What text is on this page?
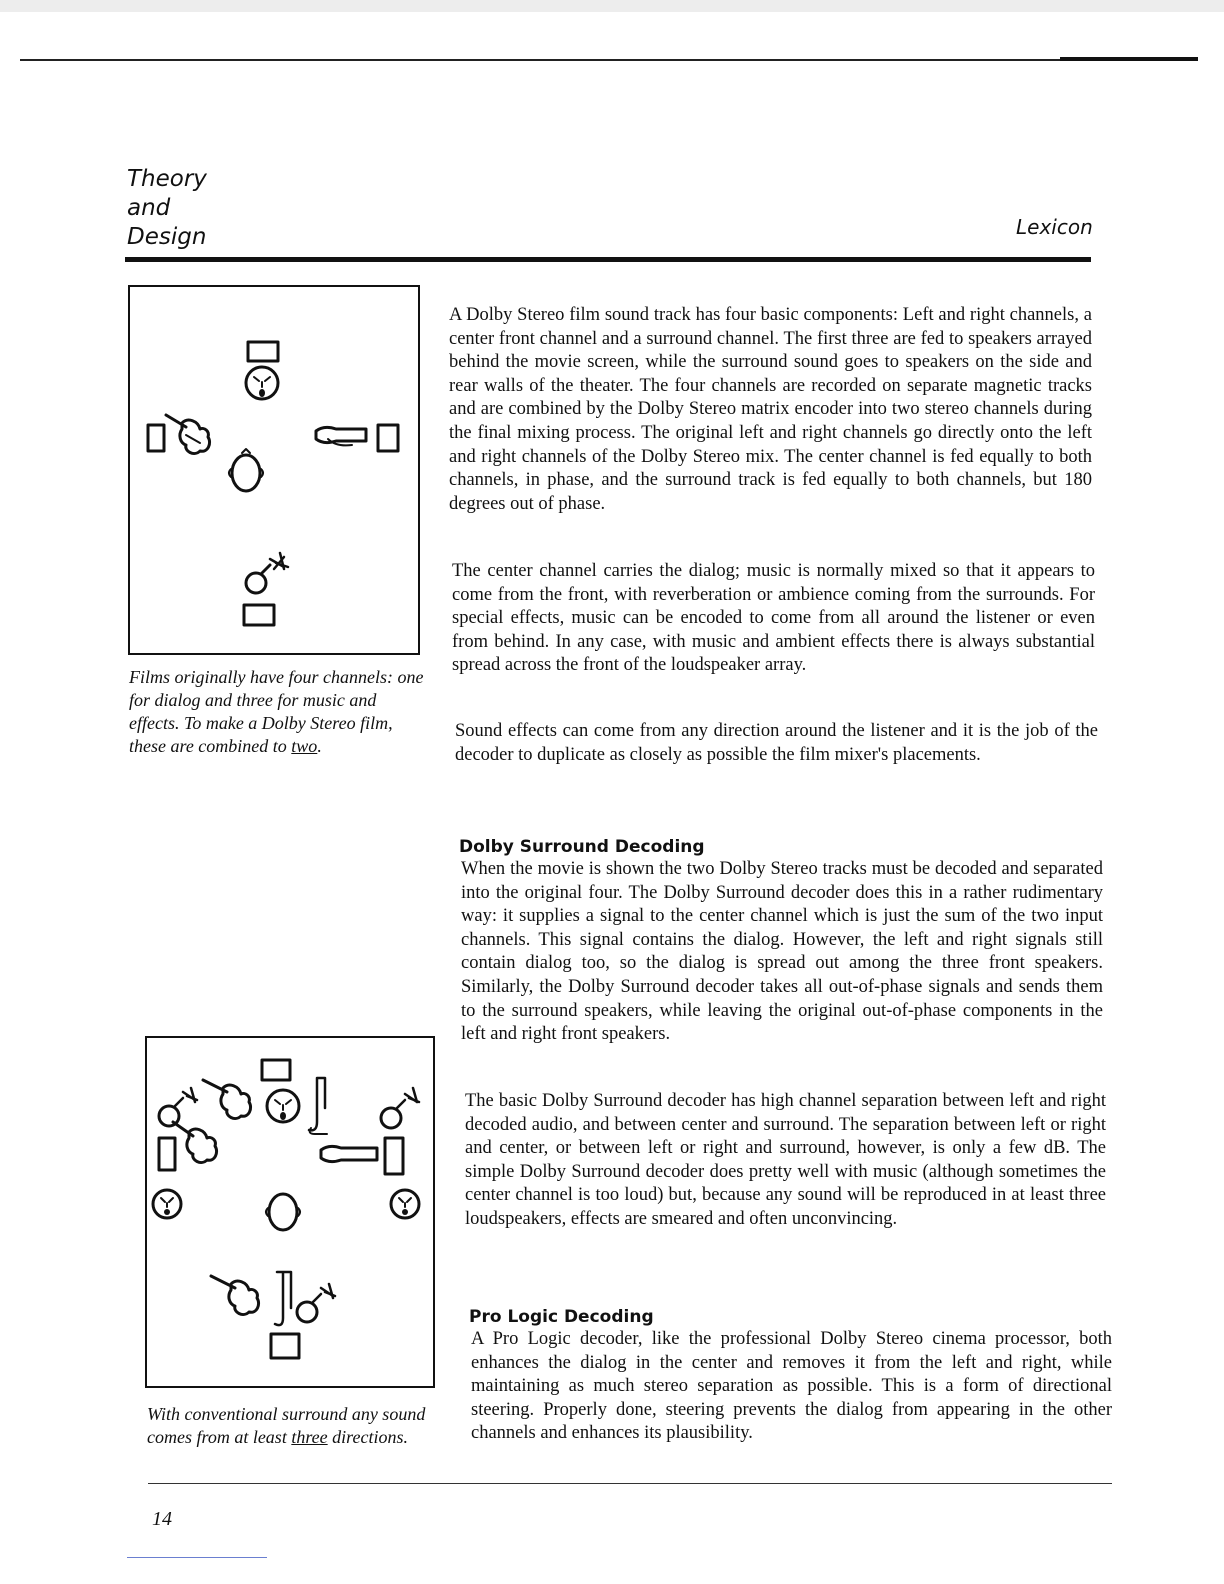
Theory
and
Design	Lexicon
Films originally have four channels: one for dialog and three for music and effects. To make a Dolby Stereo film, these are combined to two.
With conventional surround any sound comes from at least three directions.
A Dolby Stereo film sound track has four basic components: Left and right channels, a center front channel and a surround channel. The first three are fed to speakers arrayed behind the movie screen, while the surround sound goes to speakers on the side and rear walls of the theater. The four channels are recorded on separate magnetic tracks and are combined by the Dolby Stereo matrix encoder into two stereo channels during the final mixing process. The original left and right channels go directly onto the left and right channels of the Dolby Stereo mix. The center channel is fed equally to both channels, in phase, and the surround track is fed equally to both channels, but 180 degrees out of phase.
The center channel carries the dialog; music is normally mixed so that it appears to come from the front, with reverberation or ambience coming from the surrounds. For special effects, music can be encoded to come from all around the listener or even from behind. In any case, with music and ambient effects there is always substantial spread across the front of the loudspeaker array.
Sound effects can come from any direction around the listener and it is the job of the decoder to duplicate as closely as possible the film mixer's placements.
Dolby Surround Decoding
When the movie is shown the two Dolby Stereo tracks must be decoded and separated into the original four. The Dolby Surround decoder does this in a rather rudimentary way: it supplies a signal to the center channel which is just the sum of the two input channels. This signal contains the dialog. However, the left and right signals still contain dialog too, so the dialog is spread out among the three front speakers. Similarly, the Dolby Surround decoder takes all out-of-phase signals and sends them to the surround speakers, while leaving the original out-of-phase components in the left and right front speakers.
The basic Dolby Surround decoder has high channel separation between left and right decoded audio, and between center and surround. The separation between left or right and center, or between left or right and surround, however, is only a few dB. The simple Dolby Surround decoder does pretty well with music (although sometimes the center channel is too loud) but, because any sound will be reproduced in at least three loudspeakers, effects are smeared and often unconvincing.
Pro Logic Decoding
A Pro Logic decoder, like the professional Dolby Stereo cinema processor, both enhances the dialog in the center and removes it from the left and right, while maintaining as much stereo separation as possible. This is a form of directional steering. Properly done, steering prevents the dialog from appearing in the other channels and enhances its plausibility.
14
